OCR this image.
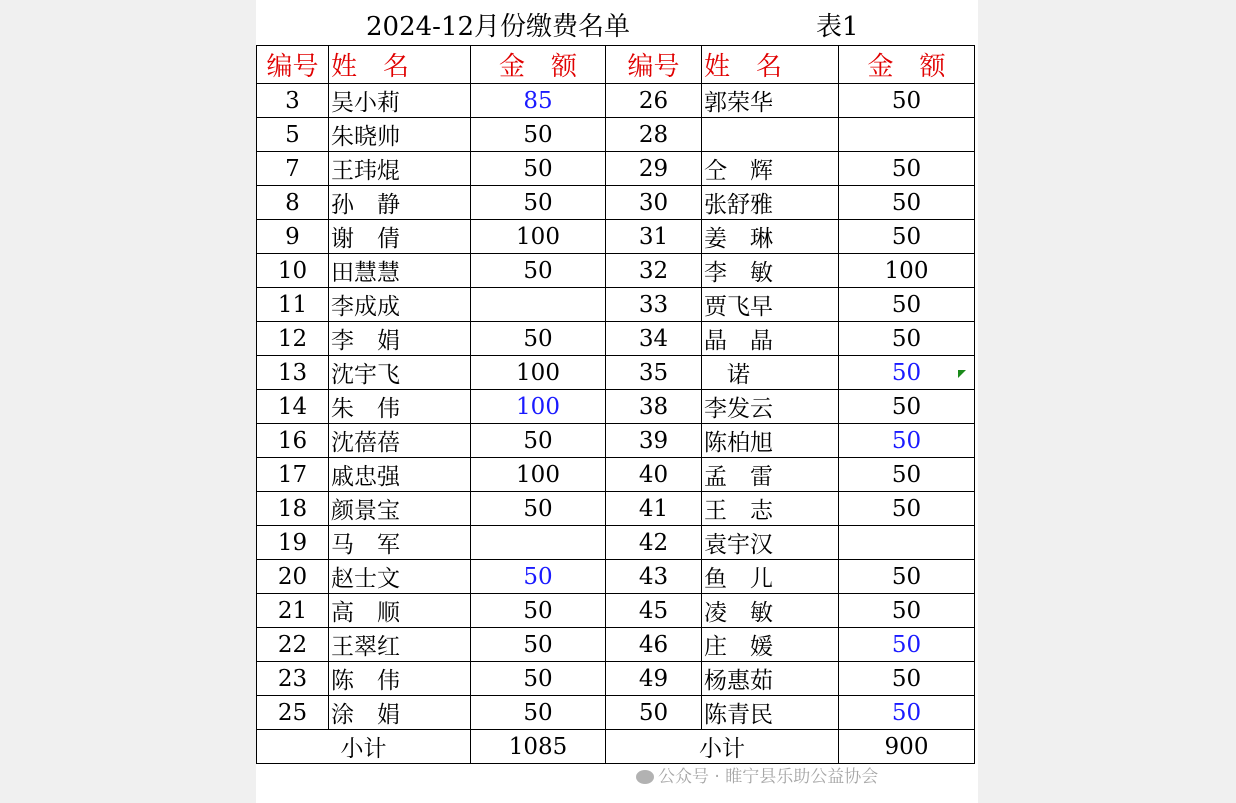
2024-12月份缴费名单	表1
编号	姓　名	金　额	编号	姓　名	金　额
3	吴小莉	85	26	郭荣华	50
5	朱晓帅	50	28		
7	王玮焜	50	29	仝　辉	50
8	孙　静	50	30	张舒雅	50
9	谢　倩	100	31	姜　琳	50
10	田慧慧	50	32	李　敏	100
11	李成成		33	贾飞早	50
12	李　娟	50	34	晶　晶	50
13	沈宇飞	100	35	　诺	50
14	朱　伟	100	38	李发云	50
16	沈蓓蓓	50	39	陈柏旭	50
17	戚忠强	100	40	孟　雷	50
18	颜景宝	50	41	王　志	50
19	马　军		42	袁宇汉	
20	赵士文	50	43	鱼　儿	50
21	高　顺	50	45	凌　敏	50
22	王翠红	50	46	庄　媛	50
23	陈　伟	50	49	杨惠茹	50
25	涂　娟	50	50	陈青民	50
小计		1085	小计		900
公众号 · 睢宁县乐助公益协会
